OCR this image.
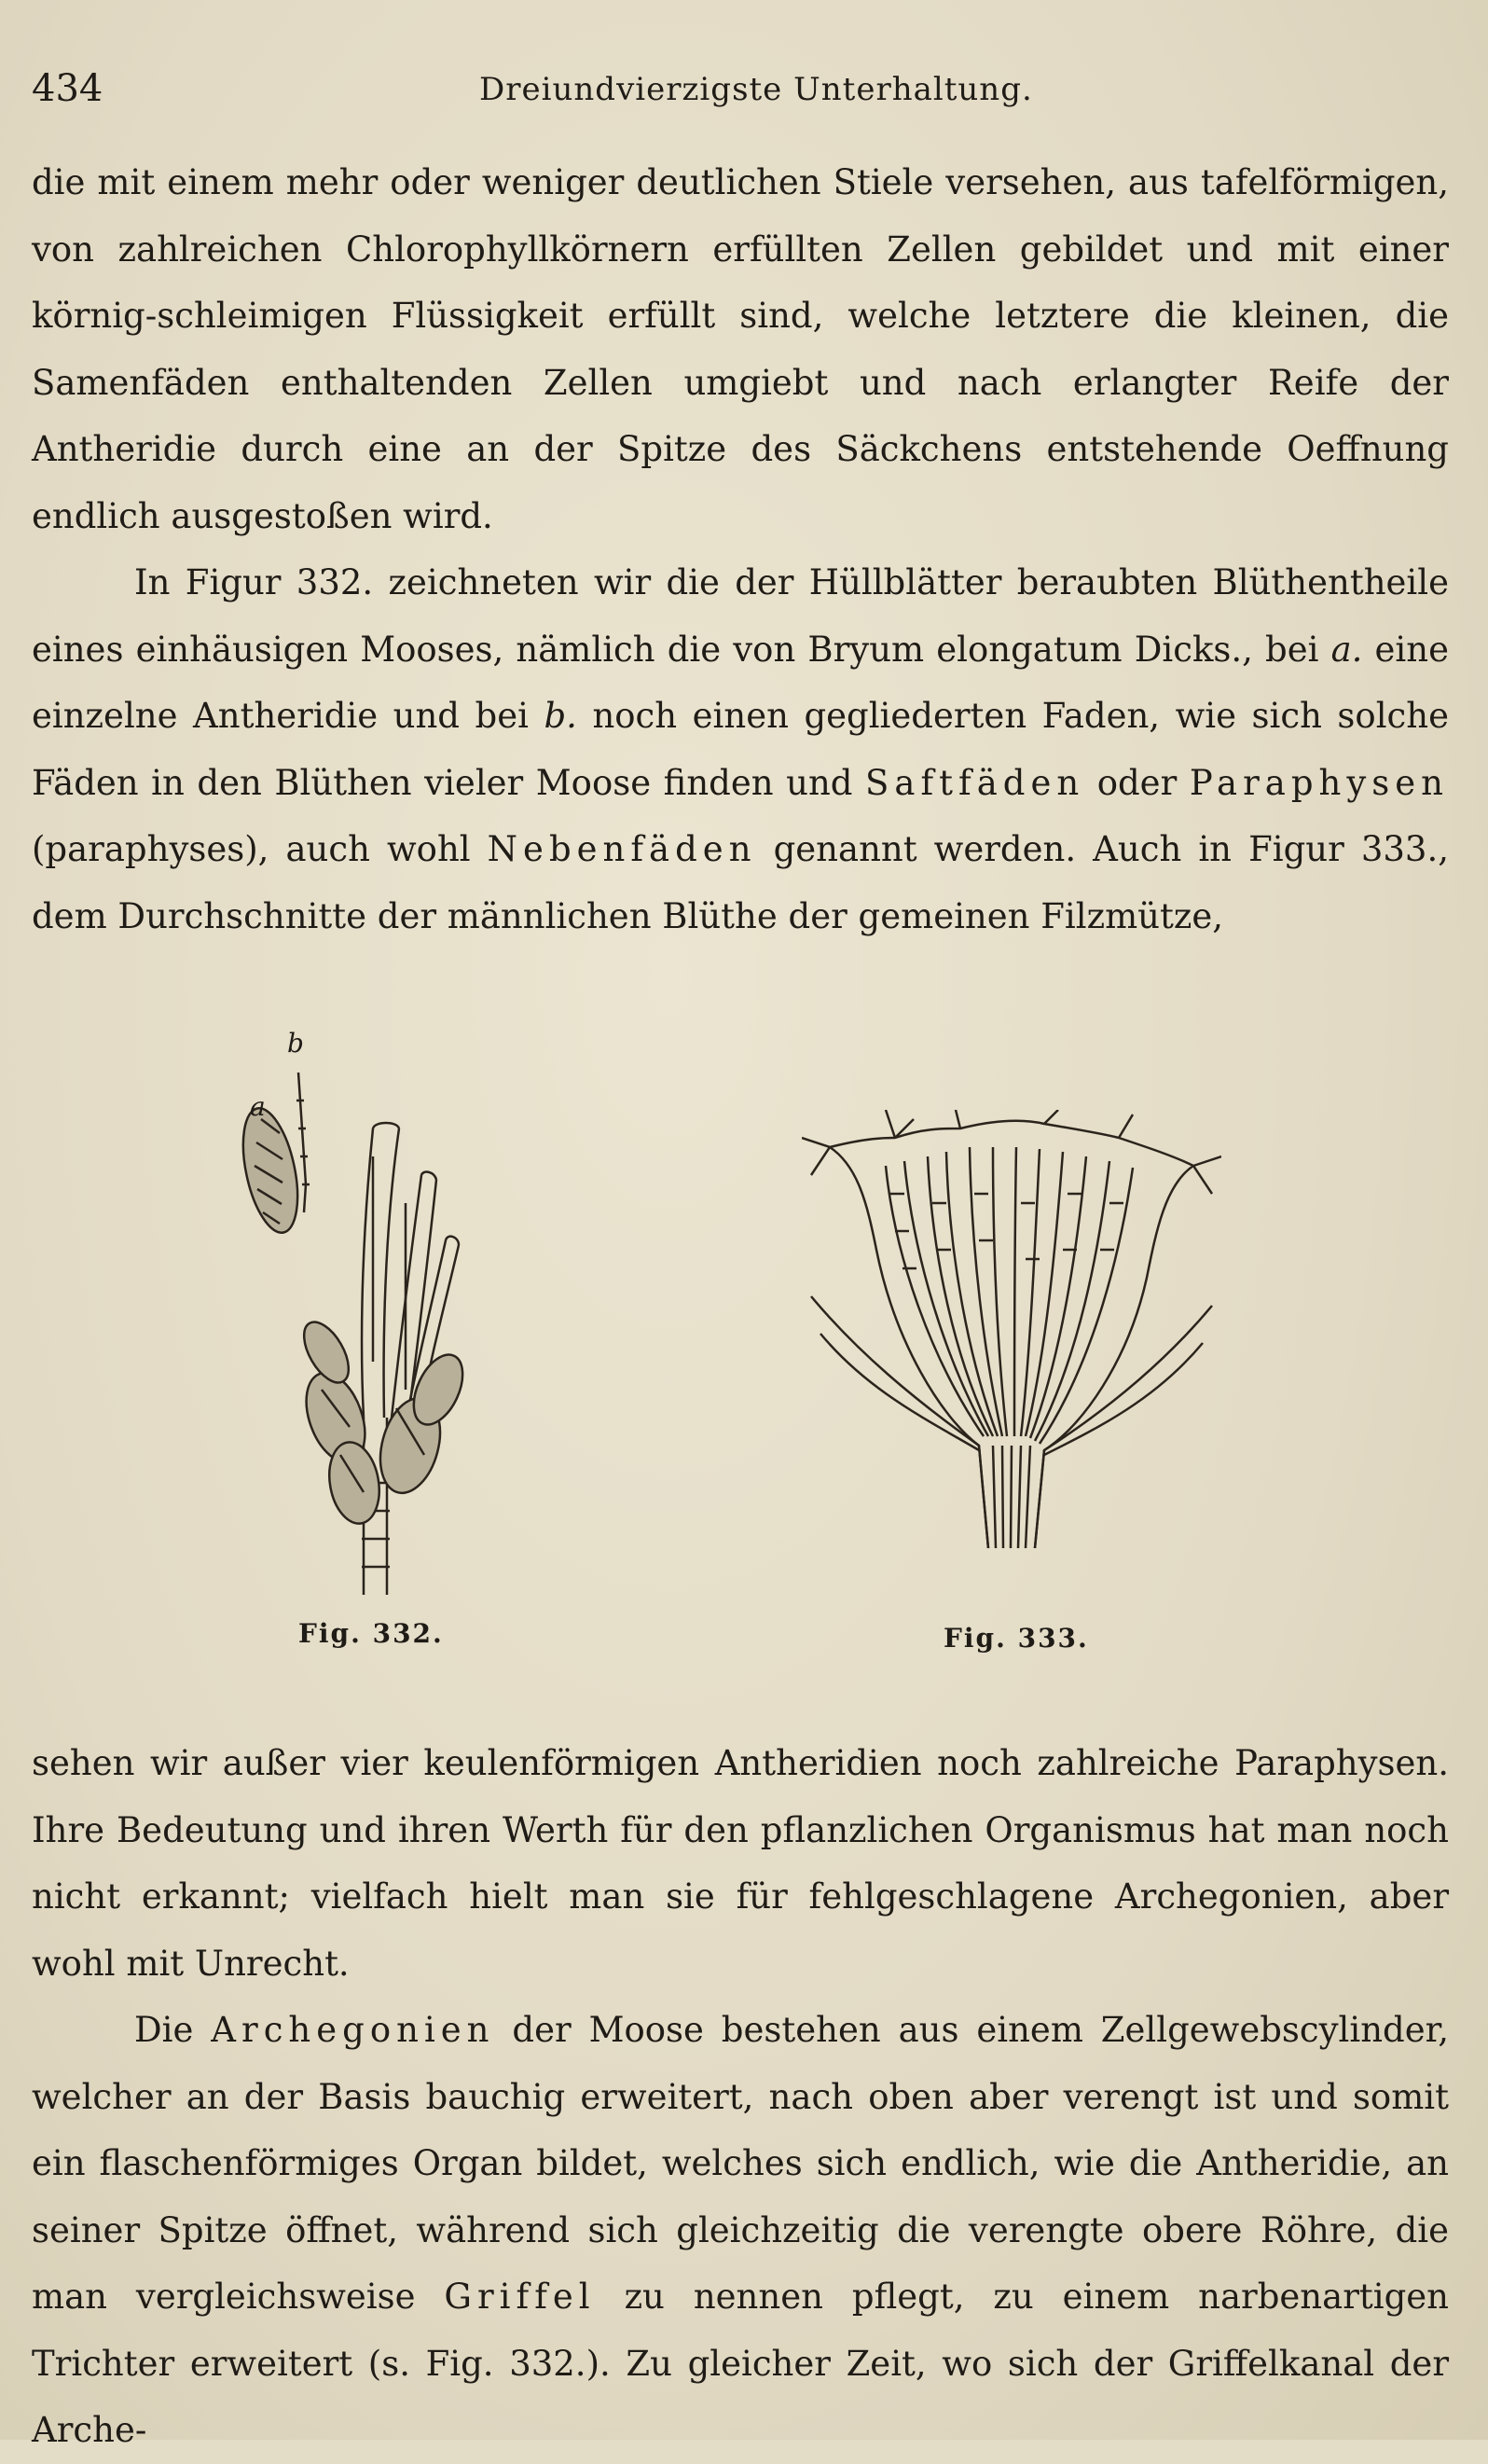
434	Dreiundvierzigste Unterhaltung.

die mit einem mehr oder weniger deutlichen Stiele versehen, aus tafelförmigen, von zahlreichen Chlorophyllkörnern erfüllten Zellen gebildet und mit einer körnig-schleimigen Flüssigkeit erfüllt sind, welche letztere die kleinen, die Samenfäden enthaltenden Zellen umgiebt und nach erlangter Reife der Antheridie durch eine an der Spitze des Säckchens entstehende Oeffnung endlich ausgestoßen wird.

In Figur 332. zeichneten wir die der Hüllblätter beraubten Blüthentheile eines einhäusigen Mooses, nämlich die von Bryum elongatum Dicks., bei a. eine einzelne Antheridie und bei b. noch einen gegliederten Faden, wie sich solche Fäden in den Blüthen vieler Moose finden und Saftfäden oder Paraphysen (paraphyses), auch wohl Nebenfäden genannt werden. Auch in Figur 333., dem Durchschnitte der männlichen Blüthe der gemeinen Filzmütze,

a
b
Fig. 332.	Fig. 333.

sehen wir außer vier keulenförmigen Antheridien noch zahlreiche Paraphysen. Ihre Bedeutung und ihren Werth für den pflanzlichen Organismus hat man noch nicht erkannt; vielfach hielt man sie für fehlgeschlagene Archegonien, aber wohl mit Unrecht.

Die Archegonien der Moose bestehen aus einem Zellgewebscylinder, welcher an der Basis bauchig erweitert, nach oben aber verengt ist und somit ein flaschenförmiges Organ bildet, welches sich endlich, wie die Antheridie, an seiner Spitze öffnet, während sich gleichzeitig die verengte obere Röhre, die man vergleichsweise Griffel zu nennen pflegt, zu einem narbenartigen Trichter erweitert (s. Fig. 332.). Zu gleicher Zeit, wo sich der Griffelkanal der Arche-
